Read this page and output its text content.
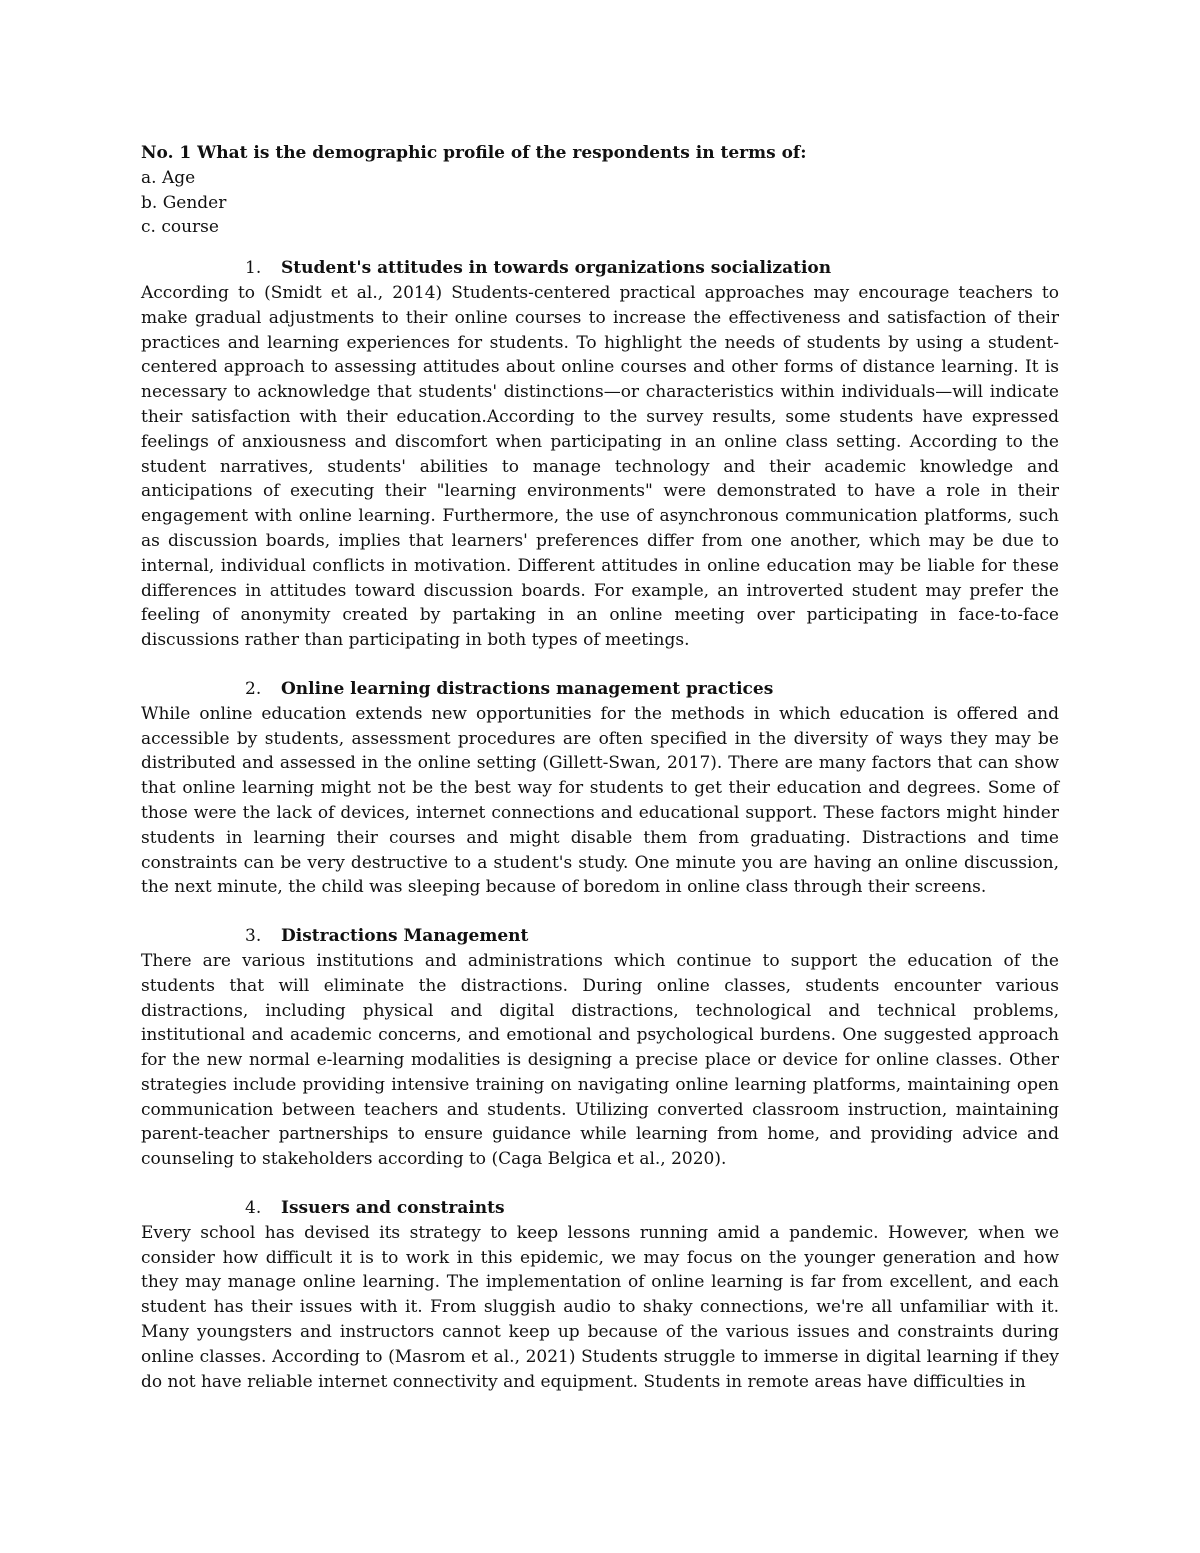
No. 1 What is the demographic profile of the respondents in terms of:

a. Age

b. Gender

c. course

1. Student's attitudes in towards organizations socialization

According to (Smidt et al., 2014) Students-centered practical approaches may encourage teachers to make gradual adjustments to their online courses to increase the effectiveness and satisfaction of their practices and learning experiences for students. To highlight the needs of students by using a student-centered approach to assessing attitudes about online courses and other forms of distance learning. It is necessary to acknowledge that students' distinctions—or characteristics within individuals—will indicate their satisfaction with their education.According to the survey results, some students have expressed feelings of anxiousness and discomfort when participating in an online class setting. According to the student narratives, students' abilities to manage technology and their academic knowledge and anticipations of executing their "learning environments" were demonstrated to have a role in their engagement with online learning. Furthermore, the use of asynchronous communication platforms, such as discussion boards, implies that learners' preferences differ from one another, which may be due to internal, individual conflicts in motivation. Different attitudes in online education may be liable for these differences in attitudes toward discussion boards. For example, an introverted student may prefer the feeling of anonymity created by partaking in an online meeting over participating in face-to-face discussions rather than participating in both types of meetings.

2. Online learning distractions management practices

While online education extends new opportunities for the methods in which education is offered and accessible by students, assessment procedures are often specified in the diversity of ways they may be distributed and assessed in the online setting (Gillett-Swan, 2017). There are many factors that can show that online learning might not be the best way for students to get their education and degrees. Some of those were the lack of devices, internet connections and educational support. These factors might hinder students in learning their courses and might disable them from graduating. Distractions and time constraints can be very destructive to a student's study. One minute you are having an online discussion, the next minute, the child was sleeping because of boredom in online class through their screens.

3. Distractions Management

There are various institutions and administrations which continue to support the education of the students that will eliminate the distractions. During online classes, students encounter various distractions, including physical and digital distractions, technological and technical problems, institutional and academic concerns, and emotional and psychological burdens. One suggested approach for the new normal e-learning modalities is designing a precise place or device for online classes. Other strategies include providing intensive training on navigating online learning platforms, maintaining open communication between teachers and students. Utilizing converted classroom instruction, maintaining parent-teacher partnerships to ensure guidance while learning from home, and providing advice and counseling to stakeholders according to (Caga Belgica et al., 2020).

4. Issuers and constraints

Every school has devised its strategy to keep lessons running amid a pandemic. However, when we consider how difficult it is to work in this epidemic, we may focus on the younger generation and how they may manage online learning. The implementation of online learning is far from excellent, and each student has their issues with it. From sluggish audio to shaky connections, we're all unfamiliar with it. Many youngsters and instructors cannot keep up because of the various issues and constraints during online classes. According to (Masrom et al., 2021) Students struggle to immerse in digital learning if they do not have reliable internet connectivity and equipment. Students in remote areas have difficulties in
